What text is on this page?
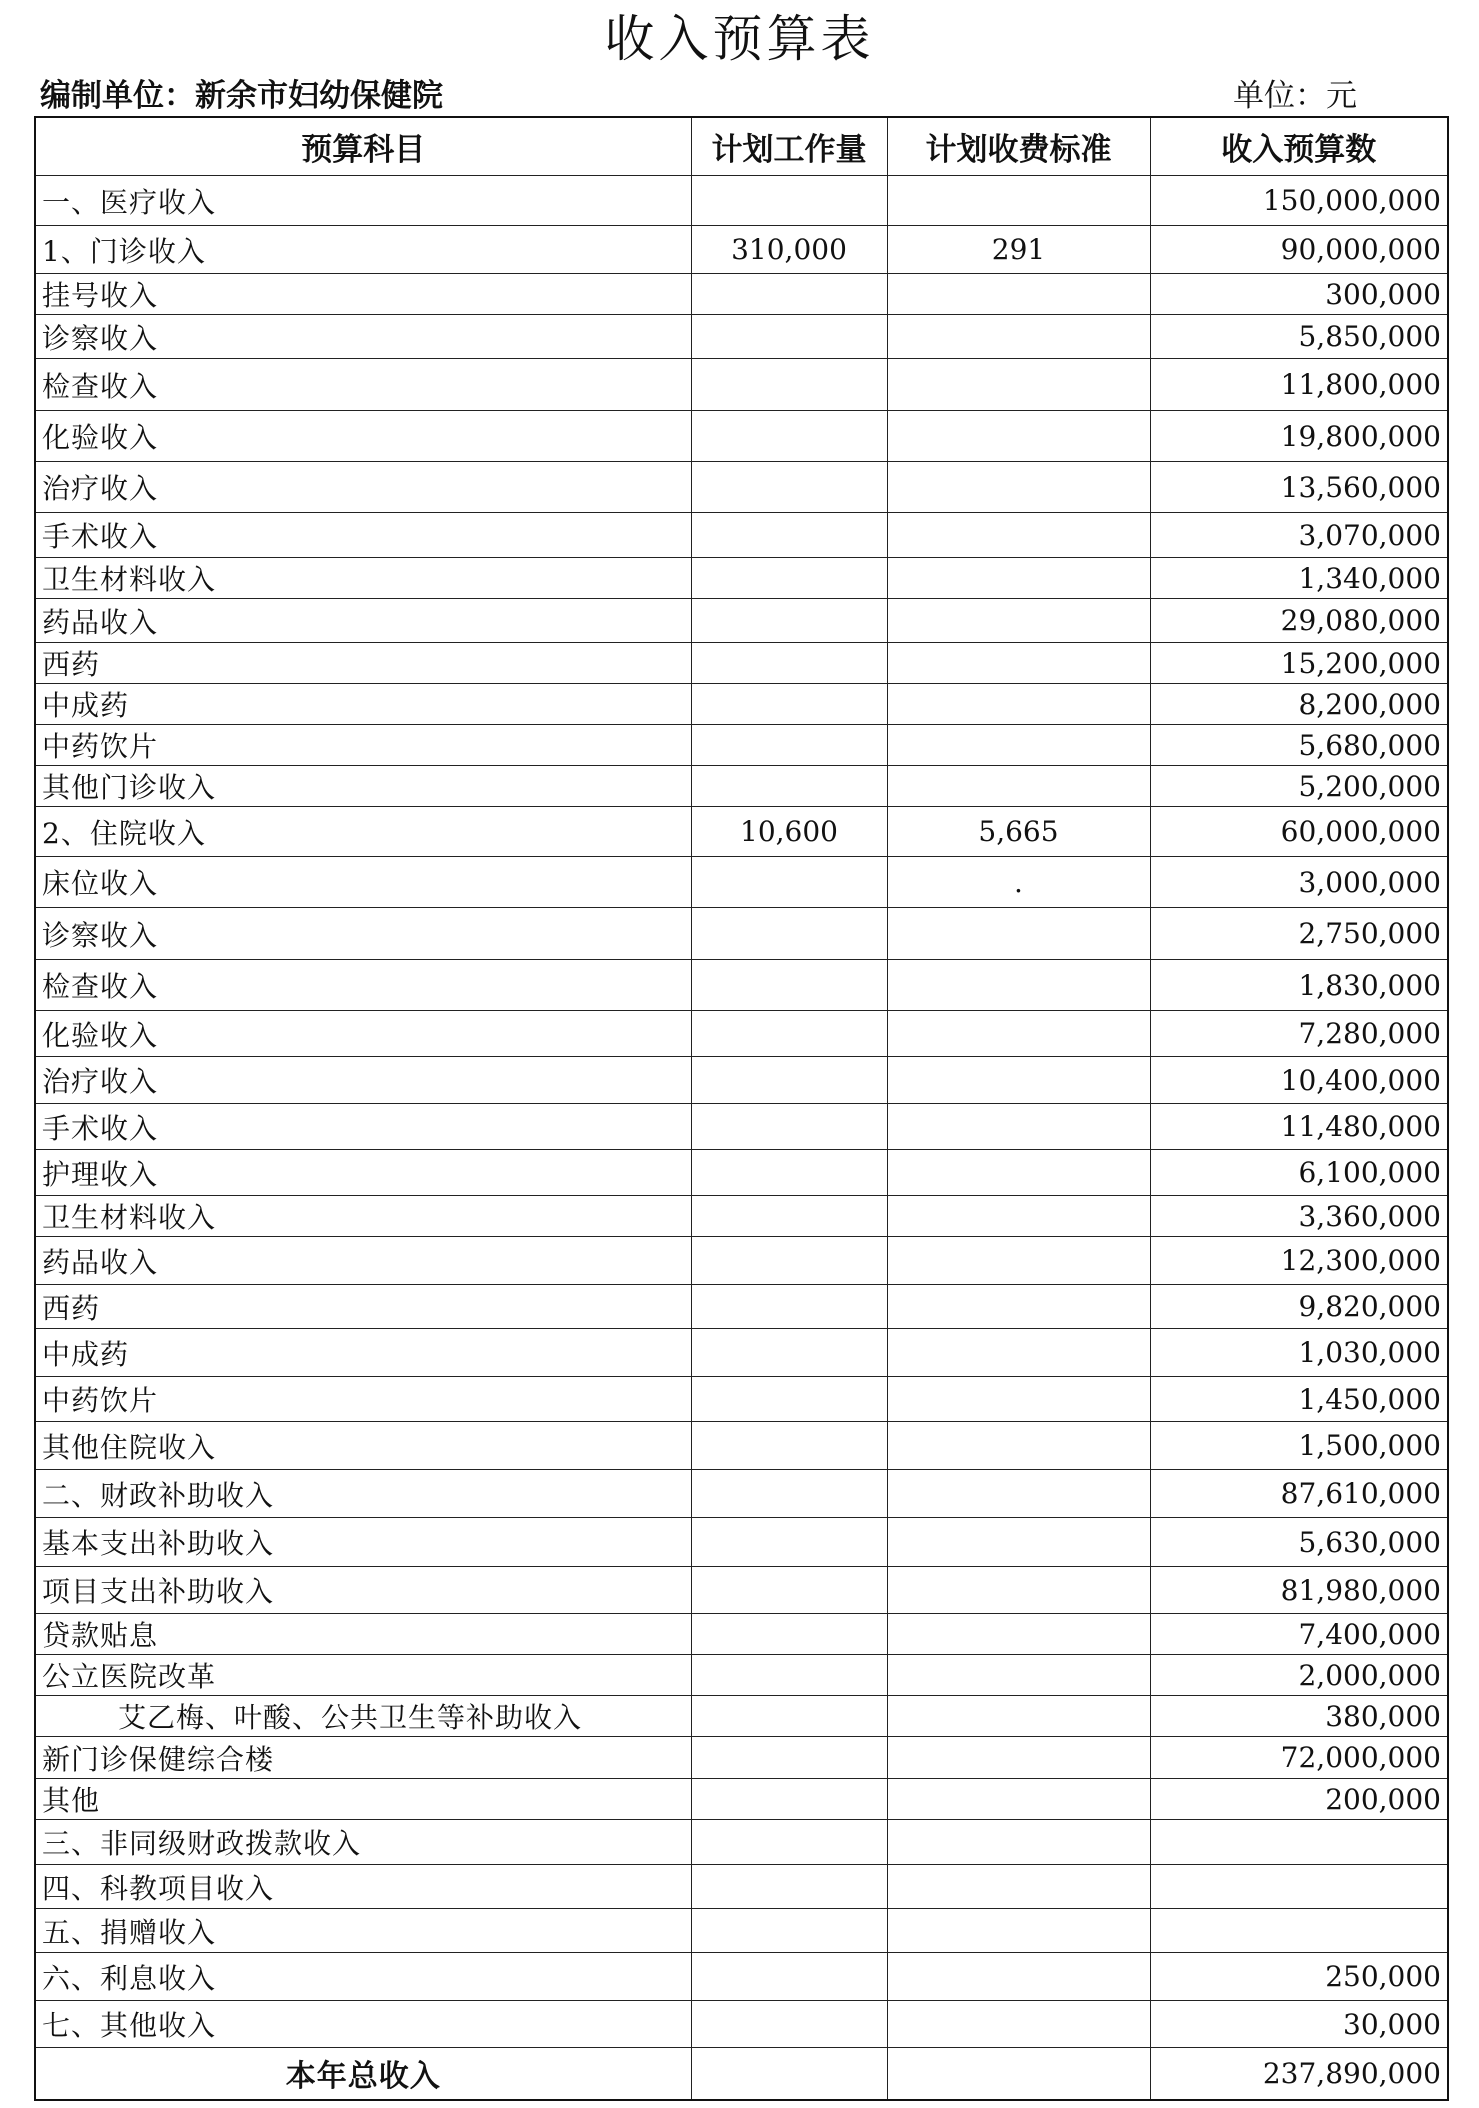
收入预算表
编制单位：新余市妇幼保健院	单位：元
预算科目	计划工作量	计划收费标准	收入预算数
一、医疗收入			150,000,000
1、门诊收入	310,000	291	90,000,000
挂号收入			300,000
诊察收入			5,850,000
检查收入			11,800,000
化验收入			19,800,000
治疗收入			13,560,000
手术收入			3,070,000
卫生材料收入			1,340,000
药品收入			29,080,000
西药			15,200,000
中成药			8,200,000
中药饮片			5,680,000
其他门诊收入			5,200,000
2、住院收入	10,600	5,665	60,000,000
床位收入		.	3,000,000
诊察收入			2,750,000
检查收入			1,830,000
化验收入			7,280,000
治疗收入			10,400,000
手术收入			11,480,000
护理收入			6,100,000
卫生材料收入			3,360,000
药品收入			12,300,000
西药			9,820,000
中成药			1,030,000
中药饮片			1,450,000
其他住院收入			1,500,000
二、财政补助收入			87,610,000
基本支出补助收入			5,630,000
项目支出补助收入			81,980,000
贷款贴息			7,400,000
公立医院改革			2,000,000
艾乙梅、叶酸、公共卫生等补助收入			380,000
新门诊保健综合楼			72,000,000
其他			200,000
三、非同级财政拨款收入			
四、科教项目收入			
五、捐赠收入			
六、利息收入			250,000
七、其他收入			30,000
本年总收入			237,890,000
